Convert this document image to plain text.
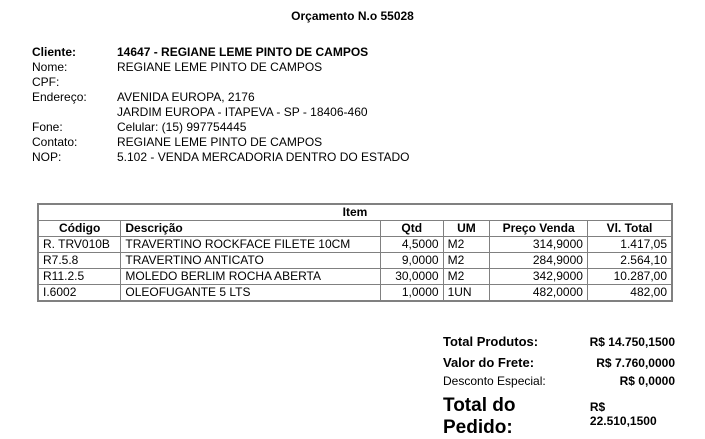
Orçamento N.o 55028
Cliente:	14647 - REGIANE LEME PINTO DE CAMPOS
Nome:	REGIANE LEME PINTO DE CAMPOS
CPF:
Endereço:	AVENIDA EUROPA, 2176
JARDIM EUROPA - ITAPEVA - SP - 18406-460
Fone:	Celular: (15) 997754445
Contato:	REGIANE LEME PINTO DE CAMPOS
NOP:	5.102 - VENDA MERCADORIA DENTRO DO ESTADO
Item					
Código	Descrição	Qtd	UM	Preço Venda	Vl. Total
R. TRV010B	TRAVERTINO ROCKFACE FILETE 10CM	4,5000	M2	314,9000	1.417,05
R7.5.8	TRAVERTINO ANTICATO	9,0000	M2	284,9000	2.564,10
R11.2.5	MOLEDO BERLIM ROCHA ABERTA	30,0000	M2	342,9000	10.287,00
I.6002	OLEOFUGANTE 5 LTS	1,0000	1UN	482,0000	482,00
Total Produtos:	R$ 14.750,1500
Valor do Frete:	R$ 7.760,0000
Desconto Especial:	R$ 0,0000
Total do Pedido:
R$ 22.510,1500
